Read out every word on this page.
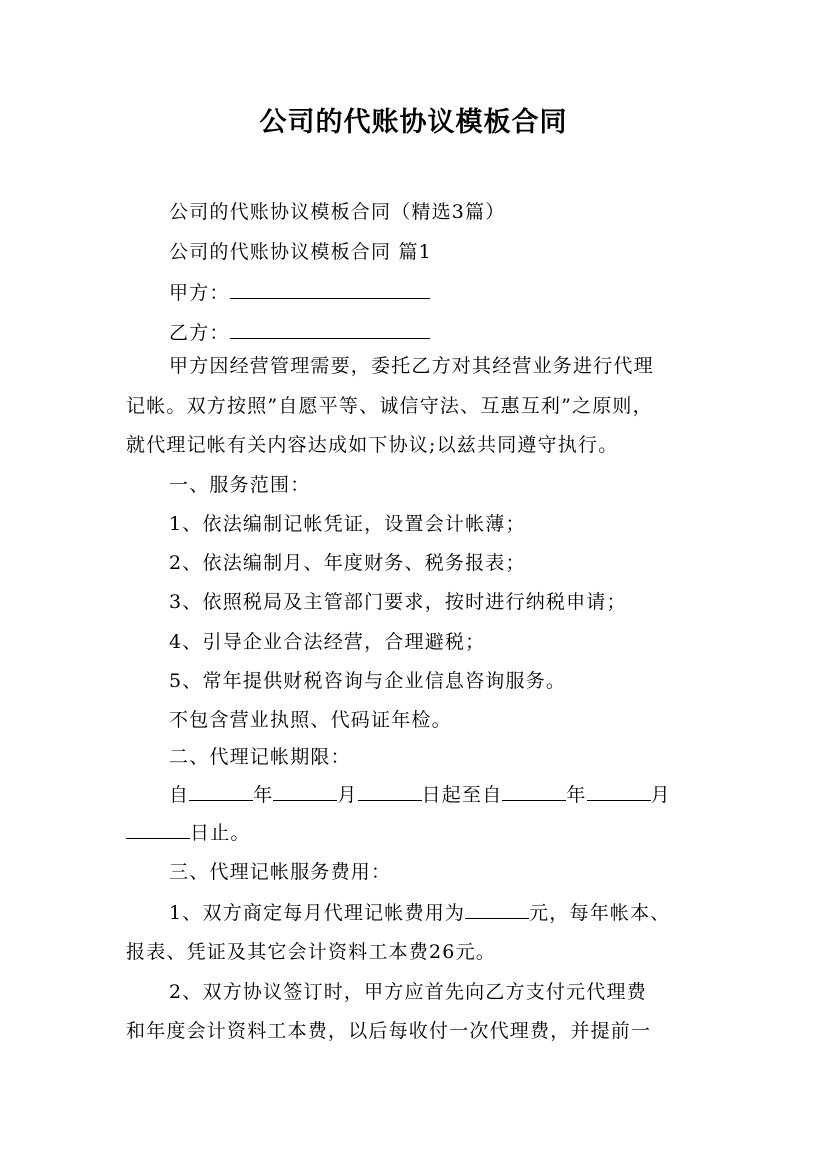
公司的代账协议模板合同
公司的代账协议模板合同（精选3篇）
公司的代账协议模板合同 篇1
甲方：
乙方：
甲方因经营管理需要，委托乙方对其经营业务进行代理
记帐。双方按照”自愿平等、诚信守法、互惠互利”之原则，
就代理记帐有关内容达成如下协议;以兹共同遵守执行。
一、服务范围：
1、依法编制记帐凭证，设置会计帐薄；
2、依法编制月、年度财务、税务报表；
3、依照税局及主管部门要求，按时进行纳税申请；
4、引导企业合法经营，合理避税；
5、常年提供财税咨询与企业信息咨询服务。
不包含营业执照、代码证年检。
二、代理记帐期限：
自	年	月	日起至自	年	月
日止。
三、代理记帐服务费用：
1、双方商定每月代理记帐费用为	元，每年帐本、
报表、凭证及其它会计资料工本费26元。
2、双方协议签订时，甲方应首先向乙方支付元代理费
和年度会计资料工本费，以后每收付一次代理费，并提前一
